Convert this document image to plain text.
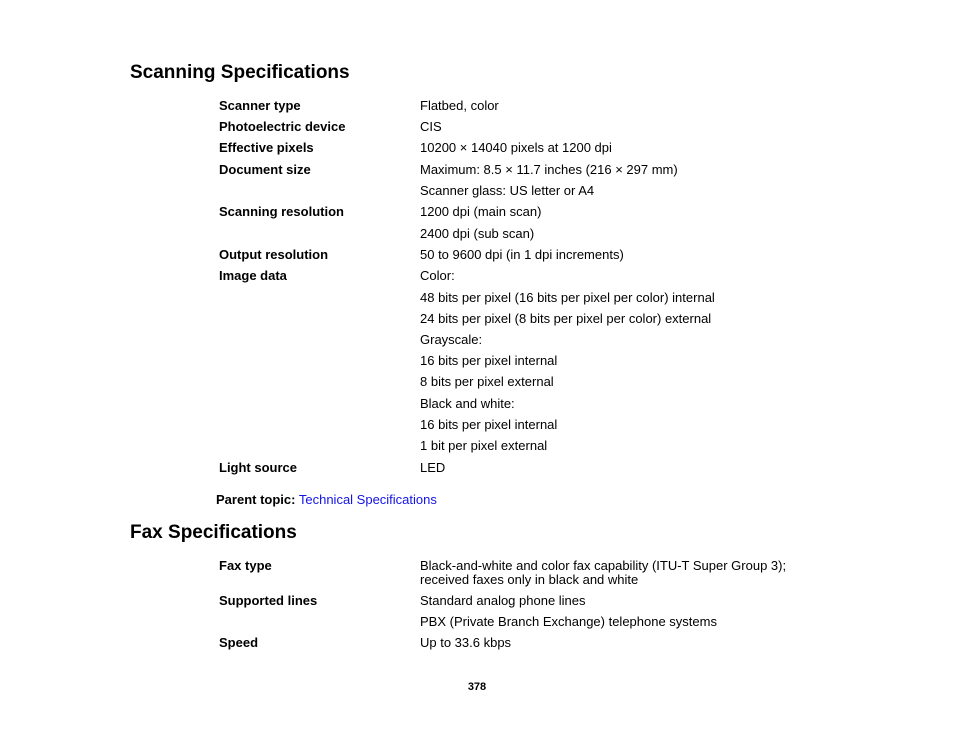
Scanning Specifications
Scanner type	Flatbed, color
Photoelectric device	CIS
Effective pixels	10200 × 14040 pixels at 1200 dpi
Document size	Maximum: 8.5 × 11.7 inches (216 × 297 mm)
Scanner glass: US letter or A4
Scanning resolution	1200 dpi (main scan)
2400 dpi (sub scan)
Output resolution	50 to 9600 dpi (in 1 dpi increments)
Image data	Color:
48 bits per pixel (16 bits per pixel per color) internal
24 bits per pixel (8 bits per pixel per color) external
Grayscale:
16 bits per pixel internal
8 bits per pixel external
Black and white:
16 bits per pixel internal
1 bit per pixel external
Light source	LED
Parent topic: Technical Specifications
Fax Specifications
Fax type	Black-and-white and color fax capability (ITU-T Super Group 3); received faxes only in black and white
Supported lines	Standard analog phone lines
PBX (Private Branch Exchange) telephone systems
Speed	Up to 33.6 kbps
378
